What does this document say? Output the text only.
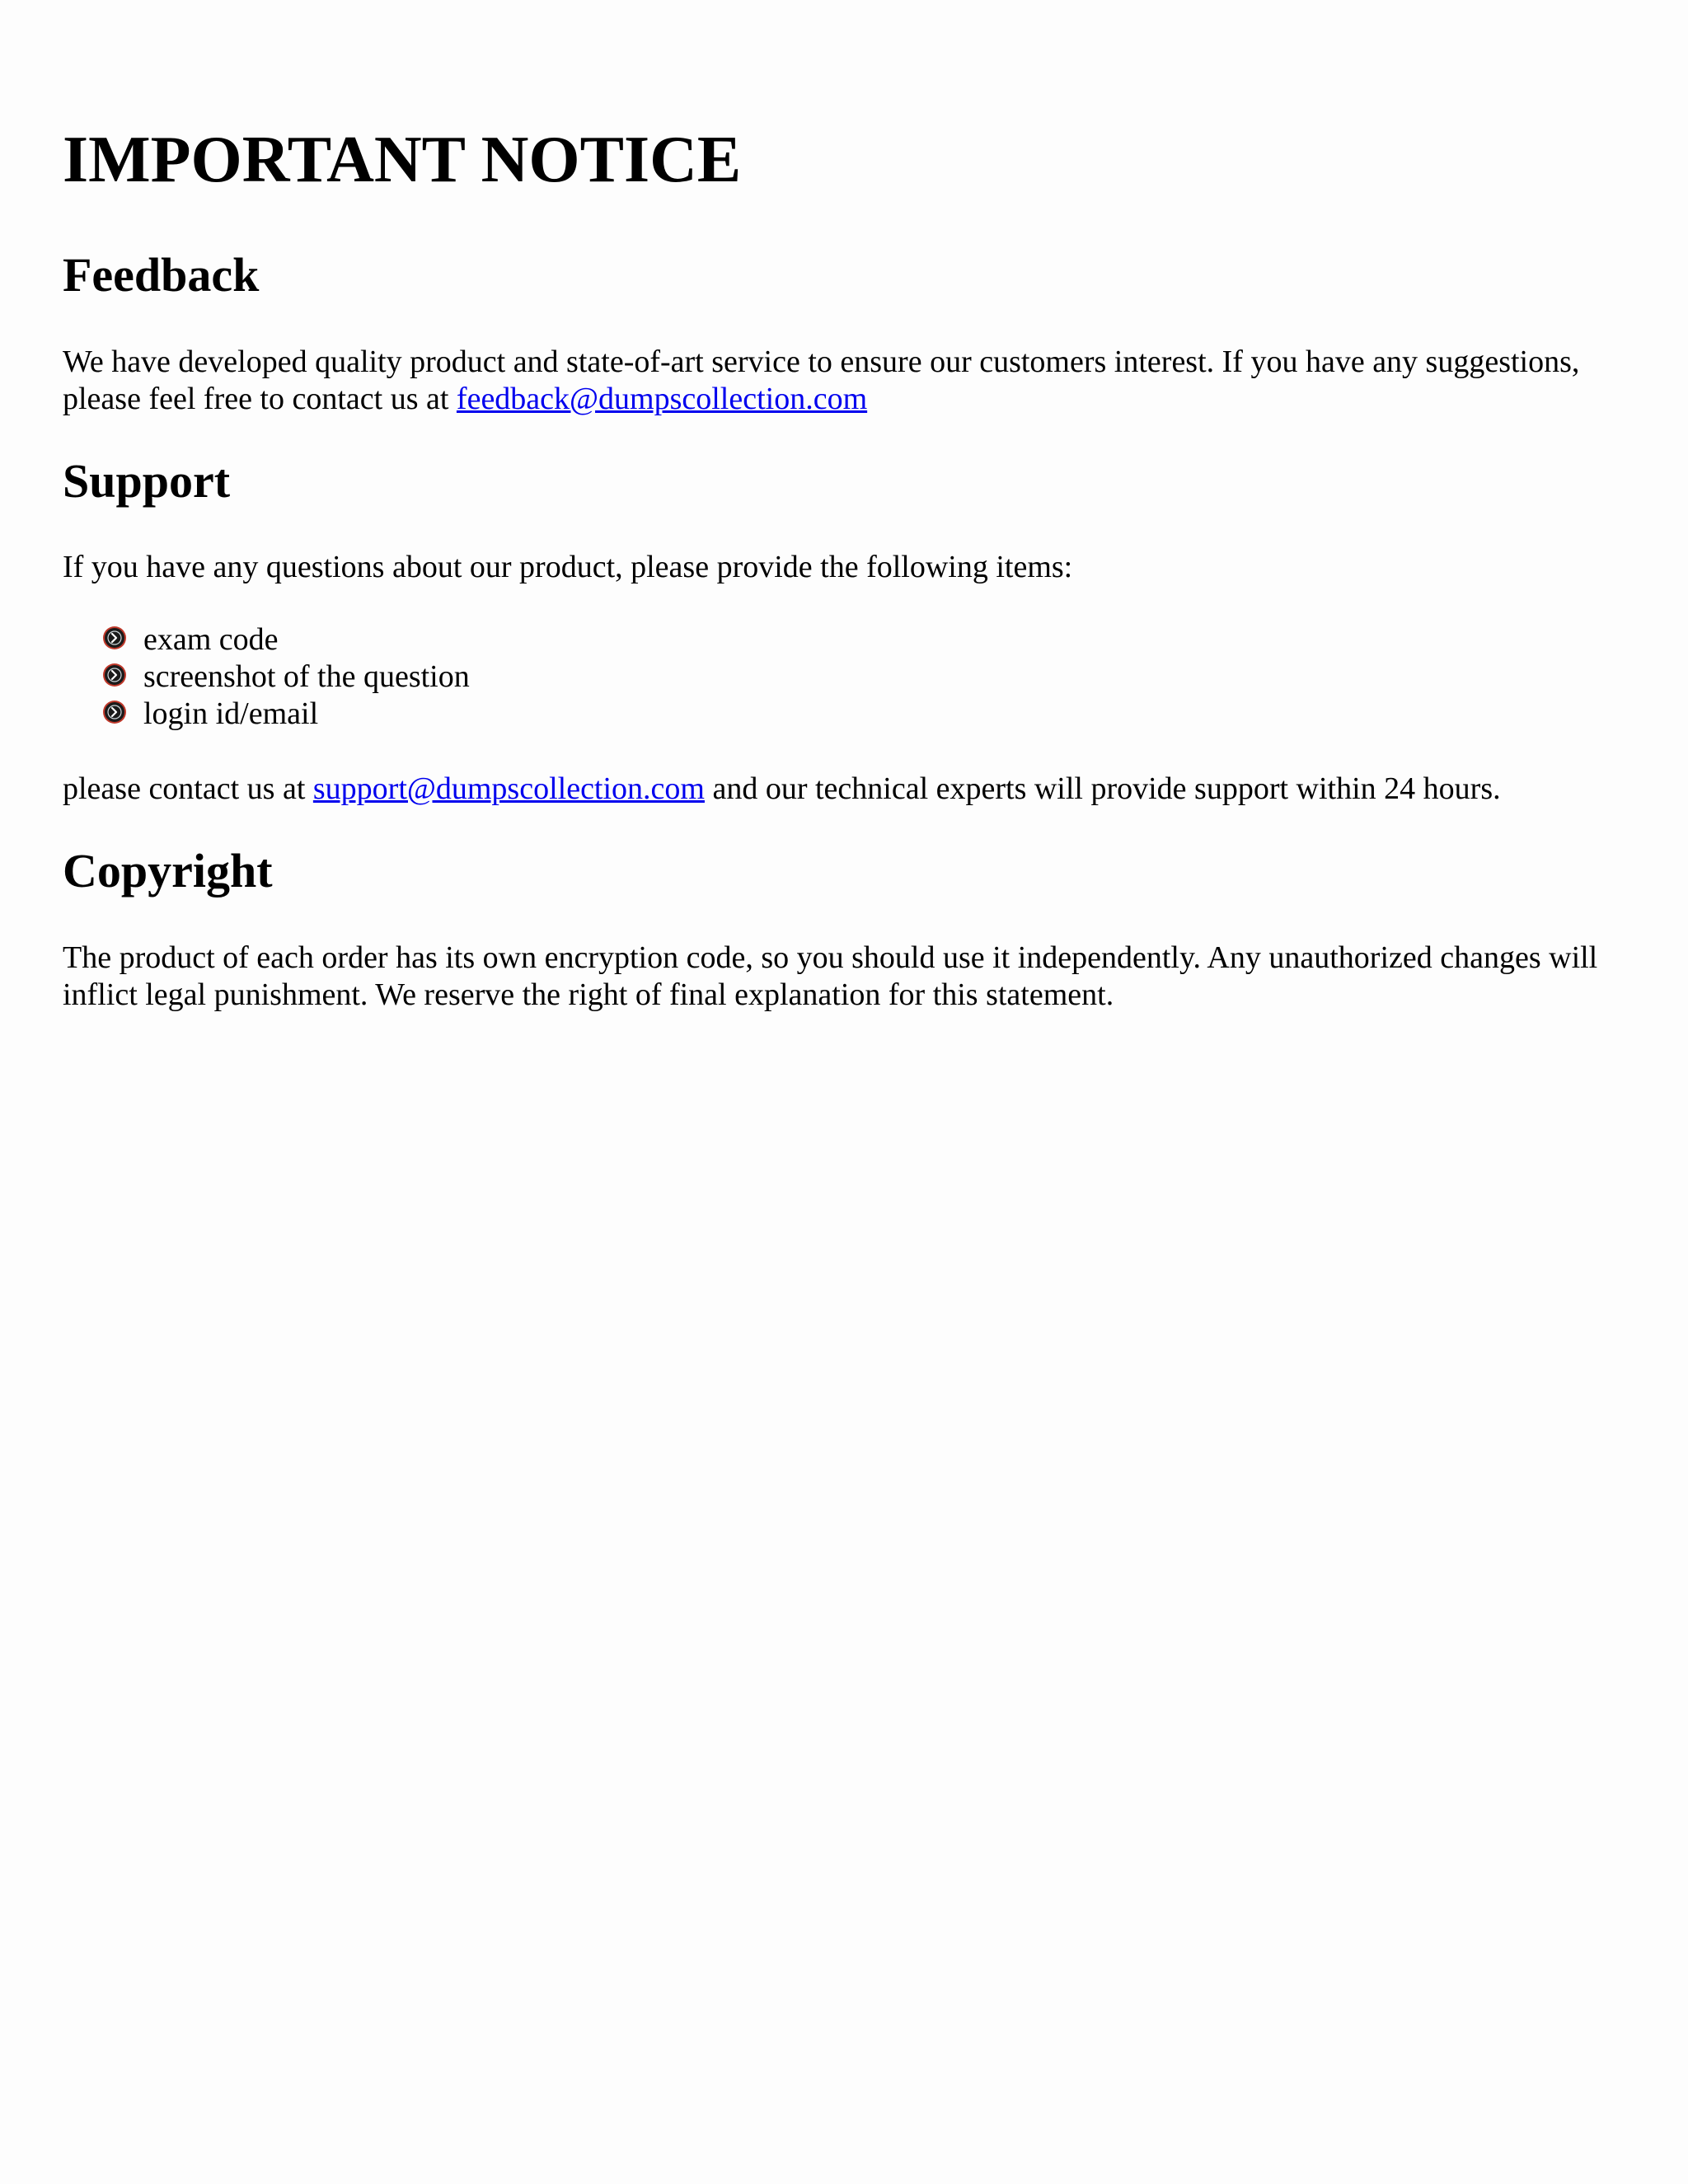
IMPORTANT NOTICE
Feedback

We have developed quality product and state-of-art service to ensure our customers interest. If you have any suggestions, please feel free to contact us at feedback@dumpscollection.com

Support

If you have any questions about our product, please provide the following items:

exam code
screenshot of the question
login id/email

please contact us at support@dumpscollection.com and our technical experts will provide support within 24 hours.

Copyright

The product of each order has its own encryption code, so you should use it independently. Any unauthorized changes will inflict legal punishment. We reserve the right of final explanation for this statement.
